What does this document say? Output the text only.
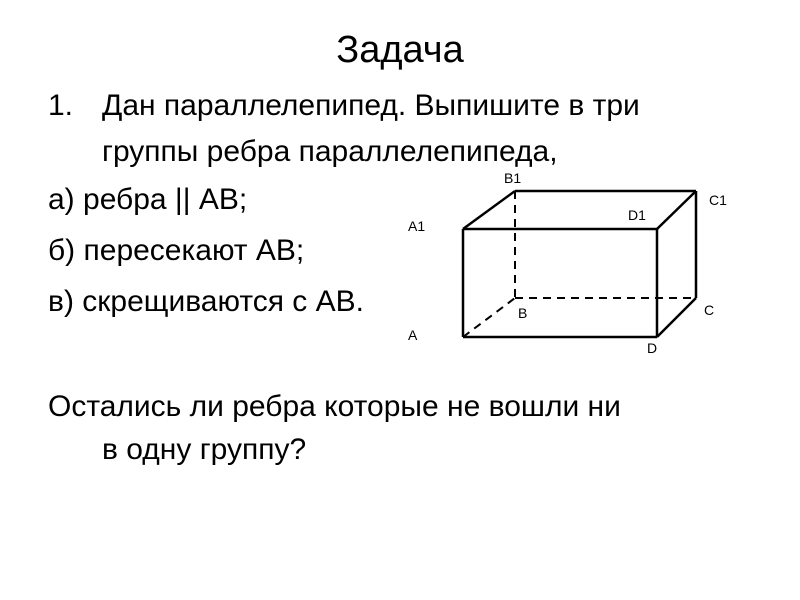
Задача
1. Дан параллелепипед. Выпишите в три
группы ребра параллелепипеда,
а) ребра || AB;
б) пересекают AB;
в) скрещиваются с AB.
Остались ли ребра которые не вошли ни
в одну группу?
A1
B1
C1
D1
A
B	C
D
